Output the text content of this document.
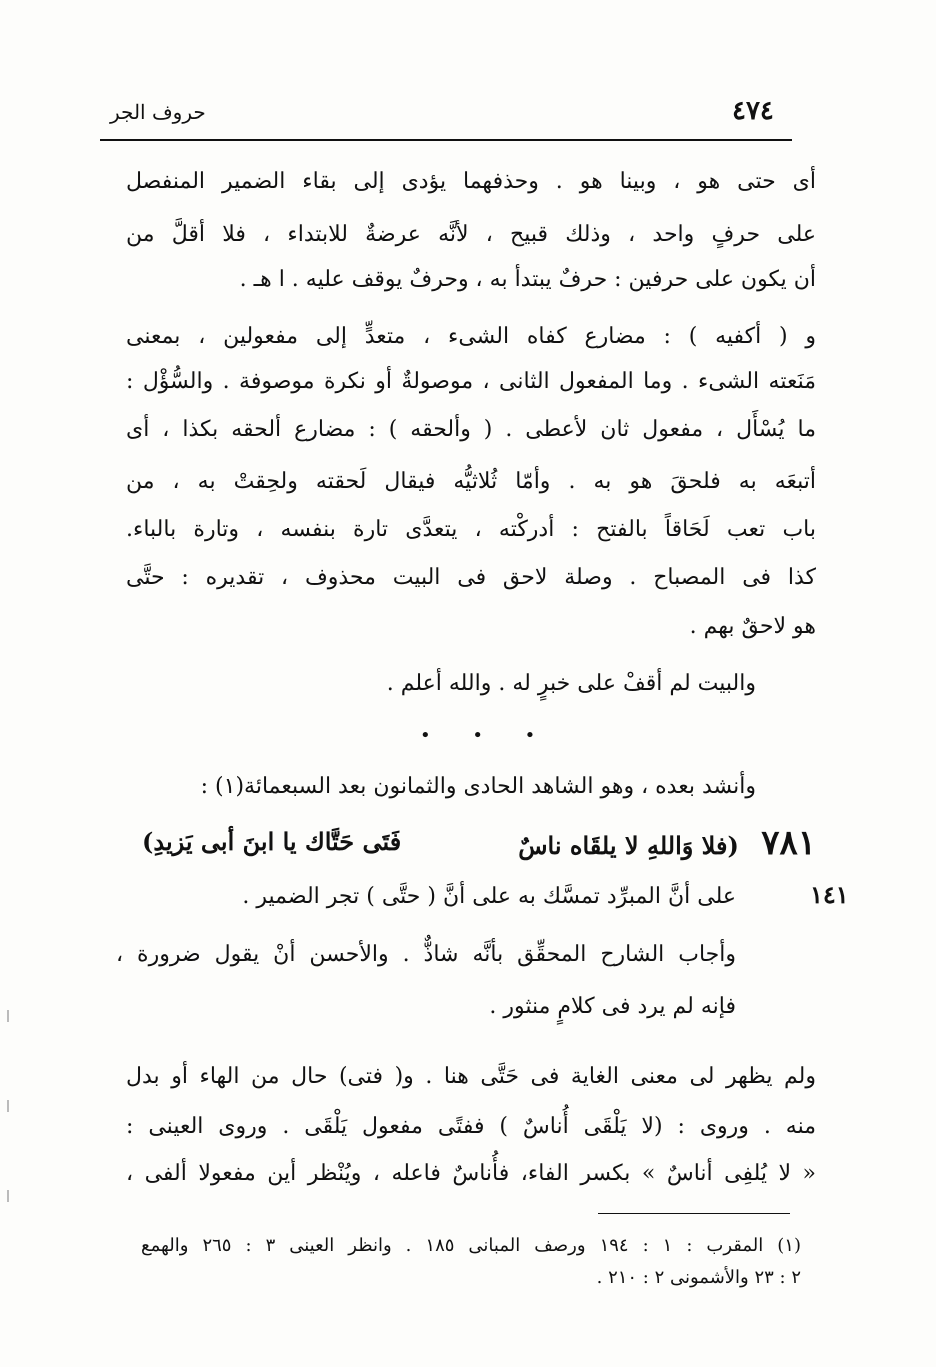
٤٧٤
حروف الجر
أى حتى هو ، وبينا هو . وحذفهما يؤدى إلى بقاء الضمير المنفصل
على حرفٍ واحد ، وذلك قبيح ، لأنَّه عرضةٌ للابتداء ، فلا أقلَّ من
أن يكون على حرفين : حرفٌ يبتدأ به ، وحرفٌ يوقف عليه . ا هـ .
و ( أكفيه ) : مضارع كفاه الشىء ، متعدٍّ إلى مفعولين ، بمعنى
مَنَعته الشىء . وما المفعول الثانى ، موصولةٌ أو نكرة موصوفة . والسُّؤْل :
ما يُسْأَل ، مفعول ثان لأعطى . ( وألحقه ) : مضارع ألحقه بكذا ، أى
أتبعَه به فلحقَ هو به . وأمّا ثُلاثيُّه فيقال لَحقته ولحِقتْ به ، من
باب تعب لَحَاقاً بالفتح : أدركْته ، يتعدَّى تارة بنفسه ، وتارة بالباء.
كذا فى المصباح . وصلة لاحق فى البيت محذوف ، تقديره : حتَّى
هو لاحقٌ بهم .
والبيت لم أقفْ على خبرٍ له . والله أعلم .
• • •
وأنشد بعده ، وهو الشاهد الحادى والثمانون بعد السبعمائة(١) :
٧٨١ (فلا وَاللهِ لا يلقَاه ناسٌ
فَتَى حَتَّاك يا ابنَ أبى يَزيدِ)
١٤١
على أنَّ المبرِّد تمسَّك به على أنَّ ( حتَّى ) تجر الضمير .
وأجاب الشارح المحقِّق بأنَّه شاذٌّ . والأحسن أنْ يقول ضرورة ،
فإنه لم يرد فى كلامٍ منثور .
ولم يظهر لى معنى الغاية فى حَتَّى هنا . و( فتى) حال من الهاء أو بدل
منه . وروى : (لا يَلْقَى أُناسٌ ) ففتًى مفعول يَلْقَى . وروى العينى :
« لا يُلفِى أناسٌ » بكسر الفاء، فأُناسٌ فاعله ، ويُنْظر أين مفعولا ألفى ،
(١) المقرب : ١ : ١٩٤ ورصف المبانى ١٨٥ . وانظر العينى ٣ : ٢٦٥ والهمع
٢ : ٢٣ والأشمونى ٢ : ٢١٠ .
